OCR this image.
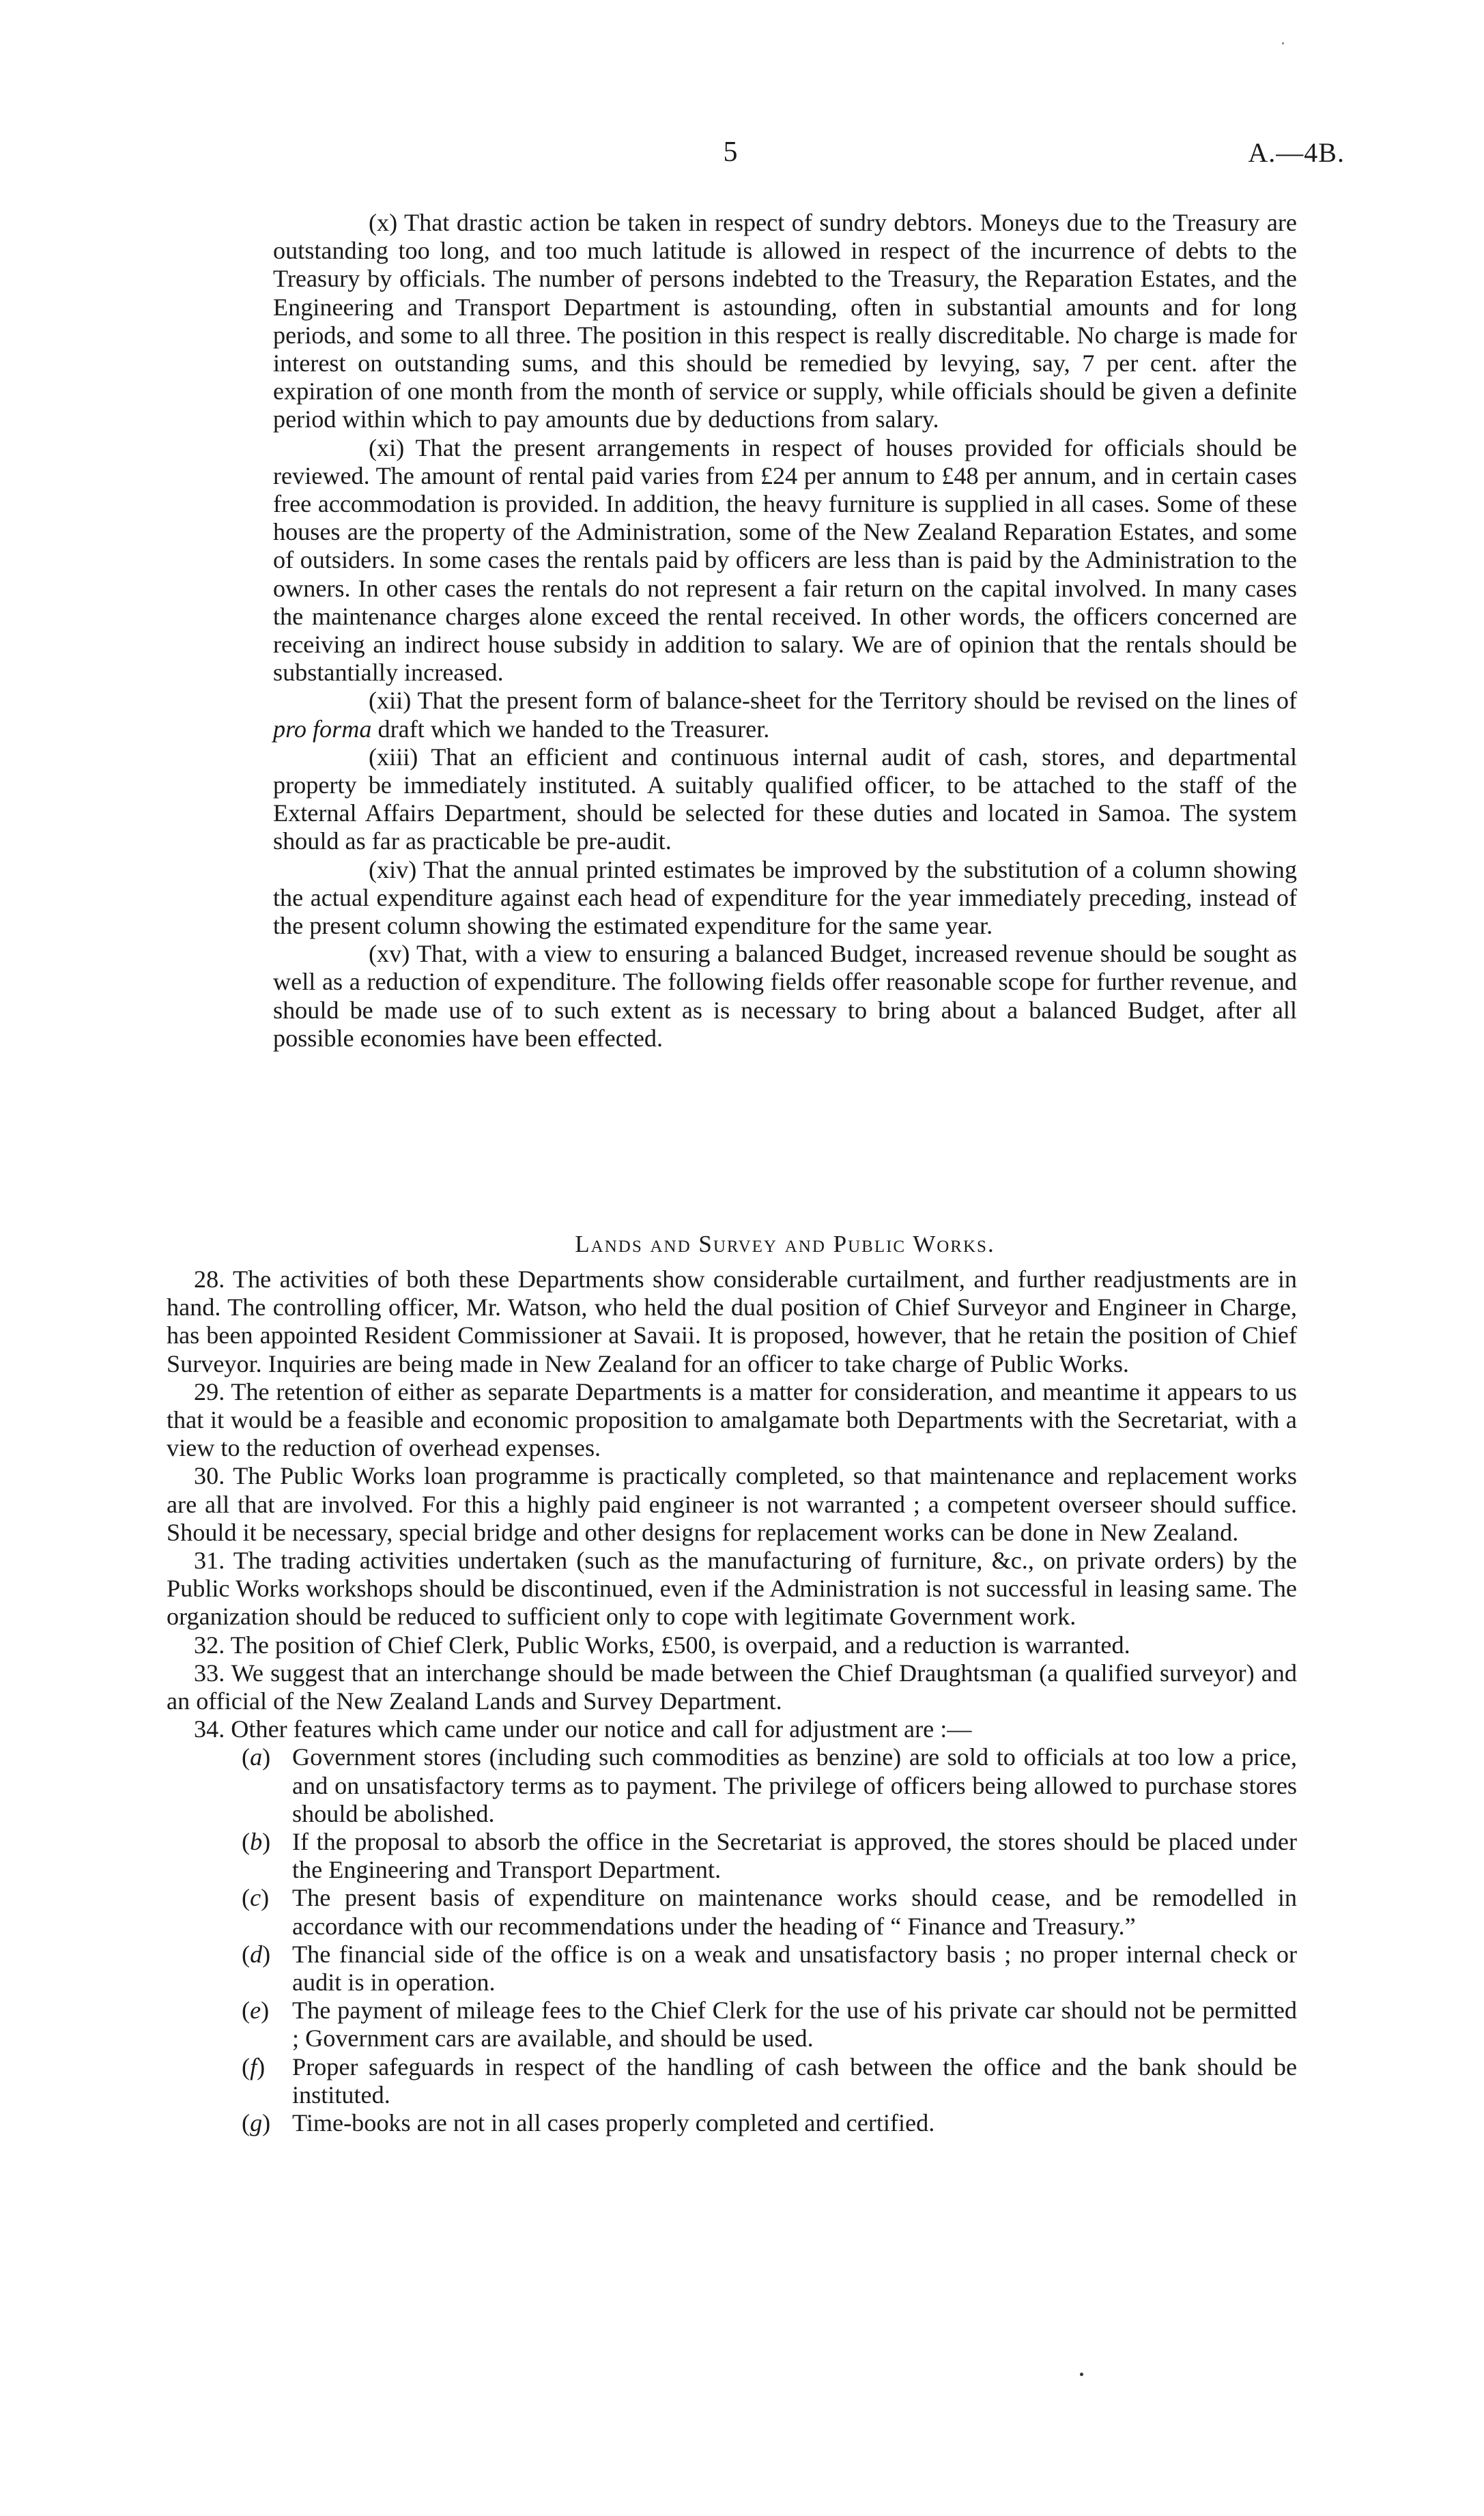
5	A.—4B.

(x) That drastic action be taken in respect of sundry debtors. Moneys due to the Treasury are outstanding too long, and too much latitude is allowed in respect of the incurrence of debts to the Treasury by officials. The number of persons indebted to the Treasury, the Reparation Estates, and the Engineering and Transport Department is astounding, often in substantial amounts and for long periods, and some to all three. The position in this respect is really discreditable. No charge is made for interest on outstanding sums, and this should be remedied by levying, say, 7 per cent. after the expiration of one month from the month of service or supply, while officials should be given a definite period within which to pay amounts due by deductions from salary.

(xi) That the present arrangements in respect of houses provided for officials should be reviewed. The amount of rental paid varies from £24 per annum to £48 per annum, and in certain cases free accommodation is provided. In addition, the heavy furniture is supplied in all cases. Some of these houses are the property of the Administration, some of the New Zealand Reparation Estates, and some of outsiders. In some cases the rentals paid by officers are less than is paid by the Administration to the owners. In other cases the rentals do not represent a fair return on the capital involved. In many cases the maintenance charges alone exceed the rental received. In other words, the officers concerned are receiving an indirect house subsidy in addition to salary. We are of opinion that the rentals should be substantially increased.

(xii) That the present form of balance-sheet for the Territory should be revised on the lines of pro forma draft which we handed to the Treasurer.

(xiii) That an efficient and continuous internal audit of cash, stores, and departmental property be immediately instituted. A suitably qualified officer, to be attached to the staff of the External Affairs Department, should be selected for these duties and located in Samoa. The system should as far as practicable be pre-audit.

(xiv) That the annual printed estimates be improved by the substitution of a column showing the actual expenditure against each head of expenditure for the year immediately preceding, instead of the present column showing the estimated expenditure for the same year.

(xv) That, with a view to ensuring a balanced Budget, increased revenue should be sought as well as a reduction of expenditure. The following fields offer reasonable scope for further revenue, and should be made use of to such extent as is necessary to bring about a balanced Budget, after all possible economies have been effected.

Lands and Survey and Public Works.

28. The activities of both these Departments show considerable curtailment, and further readjustments are in hand. The controlling officer, Mr. Watson, who held the dual position of Chief Surveyor and Engineer in Charge, has been appointed Resident Commissioner at Savaii. It is proposed, however, that he retain the position of Chief Surveyor. Inquiries are being made in New Zealand for an officer to take charge of Public Works.

29. The retention of either as separate Departments is a matter for consideration, and meantime it appears to us that it would be a feasible and economic proposition to amalgamate both Departments with the Secretariat, with a view to the reduction of overhead expenses.

30. The Public Works loan programme is practically completed, so that maintenance and replacement works are all that are involved. For this a highly paid engineer is not warranted ; a competent overseer should suffice. Should it be necessary, special bridge and other designs for replacement works can be done in New Zealand.

31. The trading activities undertaken (such as the manufacturing of furniture, &c., on private orders) by the Public Works workshops should be discontinued, even if the Administration is not successful in leasing same. The organization should be reduced to sufficient only to cope with legitimate Government work.

32. The position of Chief Clerk, Public Works, £500, is overpaid, and a reduction is warranted.

33. We suggest that an interchange should be made between the Chief Draughtsman (a qualified surveyor) and an official of the New Zealand Lands and Survey Department.

34. Other features which came under our notice and call for adjustment are :—

(a) Government stores (including such commodities as benzine) are sold to officials at too low a price, and on unsatisfactory terms as to payment. The privilege of officers being allowed to purchase stores should be abolished.

(b) If the proposal to absorb the office in the Secretariat is approved, the stores should be placed under the Engineering and Transport Department.

(c) The present basis of expenditure on maintenance works should cease, and be remodelled in accordance with our recommendations under the heading of “ Finance and Treasury.”

(d) The financial side of the office is on a weak and unsatisfactory basis ; no proper internal check or audit is in operation.

(e) The payment of mileage fees to the Chief Clerk for the use of his private car should not be permitted ; Government cars are available, and should be used.

(f) Proper safeguards in respect of the handling of cash between the office and the bank should be instituted.

(g) Time-books are not in all cases properly completed and certified.
